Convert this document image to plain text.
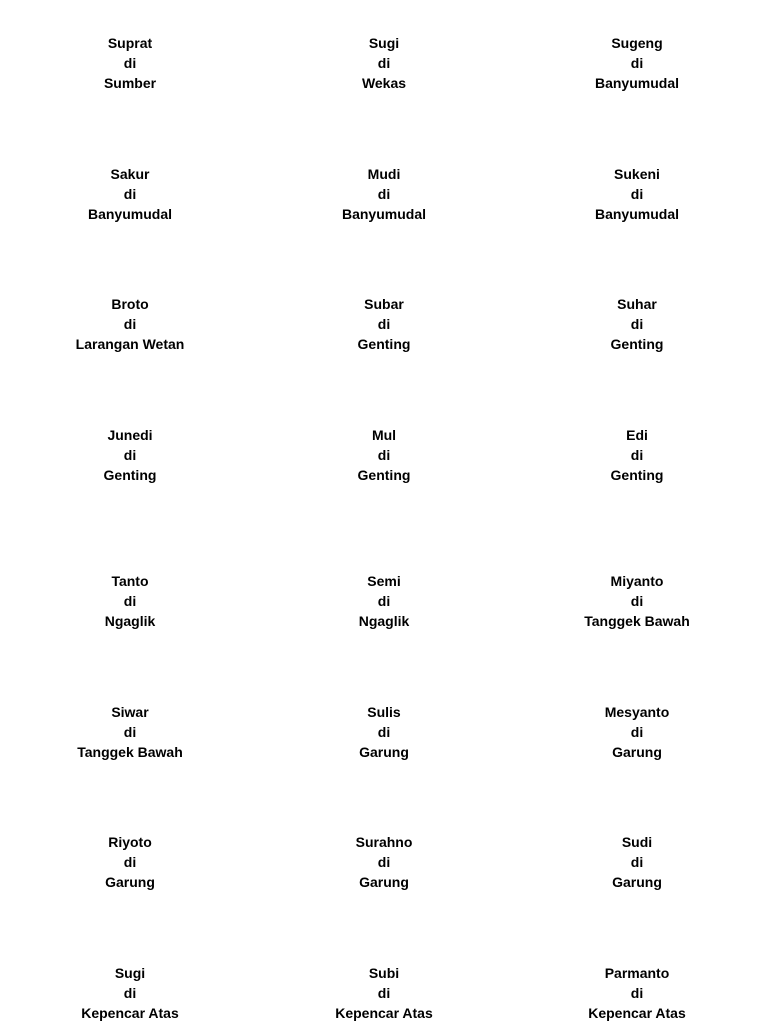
Suprat
di
Sumber
Sugi
di
Wekas
Sugeng
di
Banyumudal
Sakur
di
Banyumudal
Mudi
di
Banyumudal
Sukeni
di
Banyumudal
Broto
di
Larangan Wetan
Subar
di
Genting
Suhar
di
Genting
Junedi
di
Genting
Mul
di
Genting
Edi
di
Genting
Tanto
di
Ngaglik
Semi
di
Ngaglik
Miyanto
di
Tanggek Bawah
Siwar
di
Tanggek Bawah
Sulis
di
Garung
Mesyanto
di
Garung
Riyoto
di
Garung
Surahno
di
Garung
Sudi
di
Garung
Sugi
di
Kepencar Atas
Subi
di
Kepencar Atas
Parmanto
di
Kepencar Atas
